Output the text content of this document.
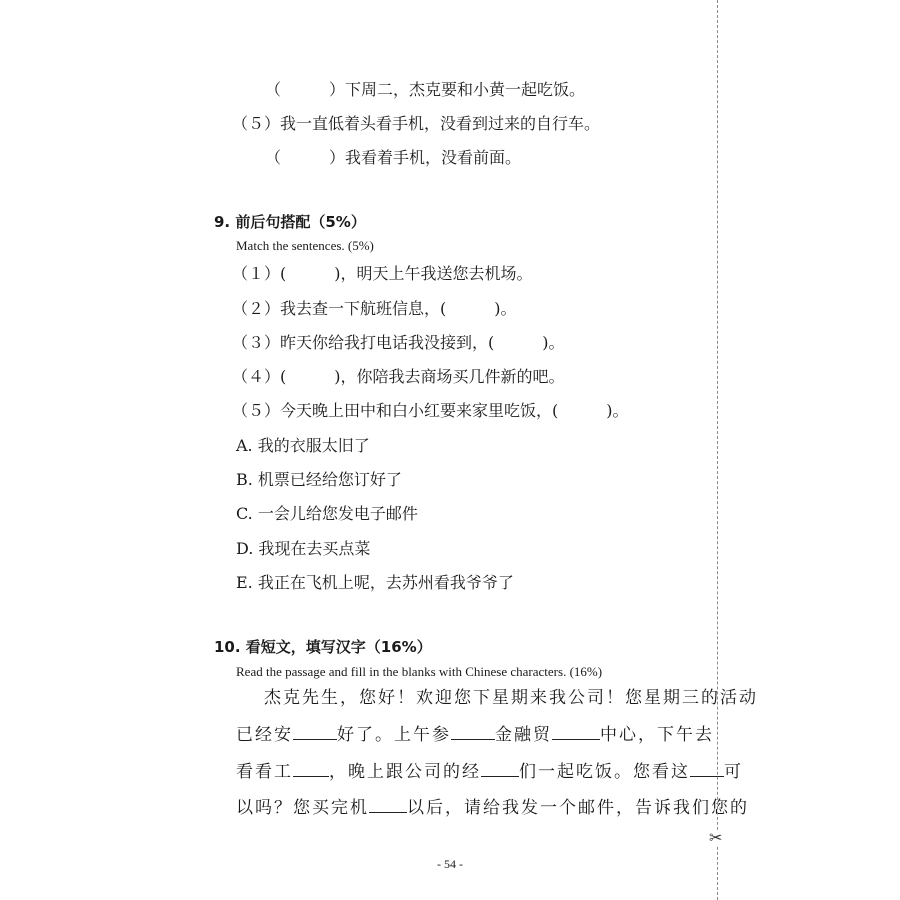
（　　　）下周二，杰克要和小黄一起吃饭。
（５）我一直低着头看手机，没看到过来的自行车。
（　　　）我看着手机，没看前面。
9. 前后句搭配（5%）
Match the sentences. (5%)
（１）(　　　)，明天上午我送您去机场。
（２）我去查一下航班信息，(　　　)。
（３）昨天你给我打电话我没接到，(　　　)。
（４）(　　　)，你陪我去商场买几件新的吧。
（５）今天晚上田中和白小红要来家里吃饭，(　　　)。
A. 我的衣服太旧了
B. 机票已经给您订好了
C. 一会儿给您发电子邮件
D. 我现在去买点菜
E. 我正在飞机上呢，去苏州看我爷爷了
10. 看短文，填写汉字（16%）
Read the passage and fill in the blanks with Chinese characters. (16%)
杰克先生，您好！欢迎您下星期来我公司！您星期三的活动
已经安	好了。上午参	金融贸	中心，下午去
看看工 ，晚上跟公司的经 们一起吃饭。您看这 可
以吗？您买完机 以后，请给我发一个邮件，告诉我们您的
- 54 -
✂
